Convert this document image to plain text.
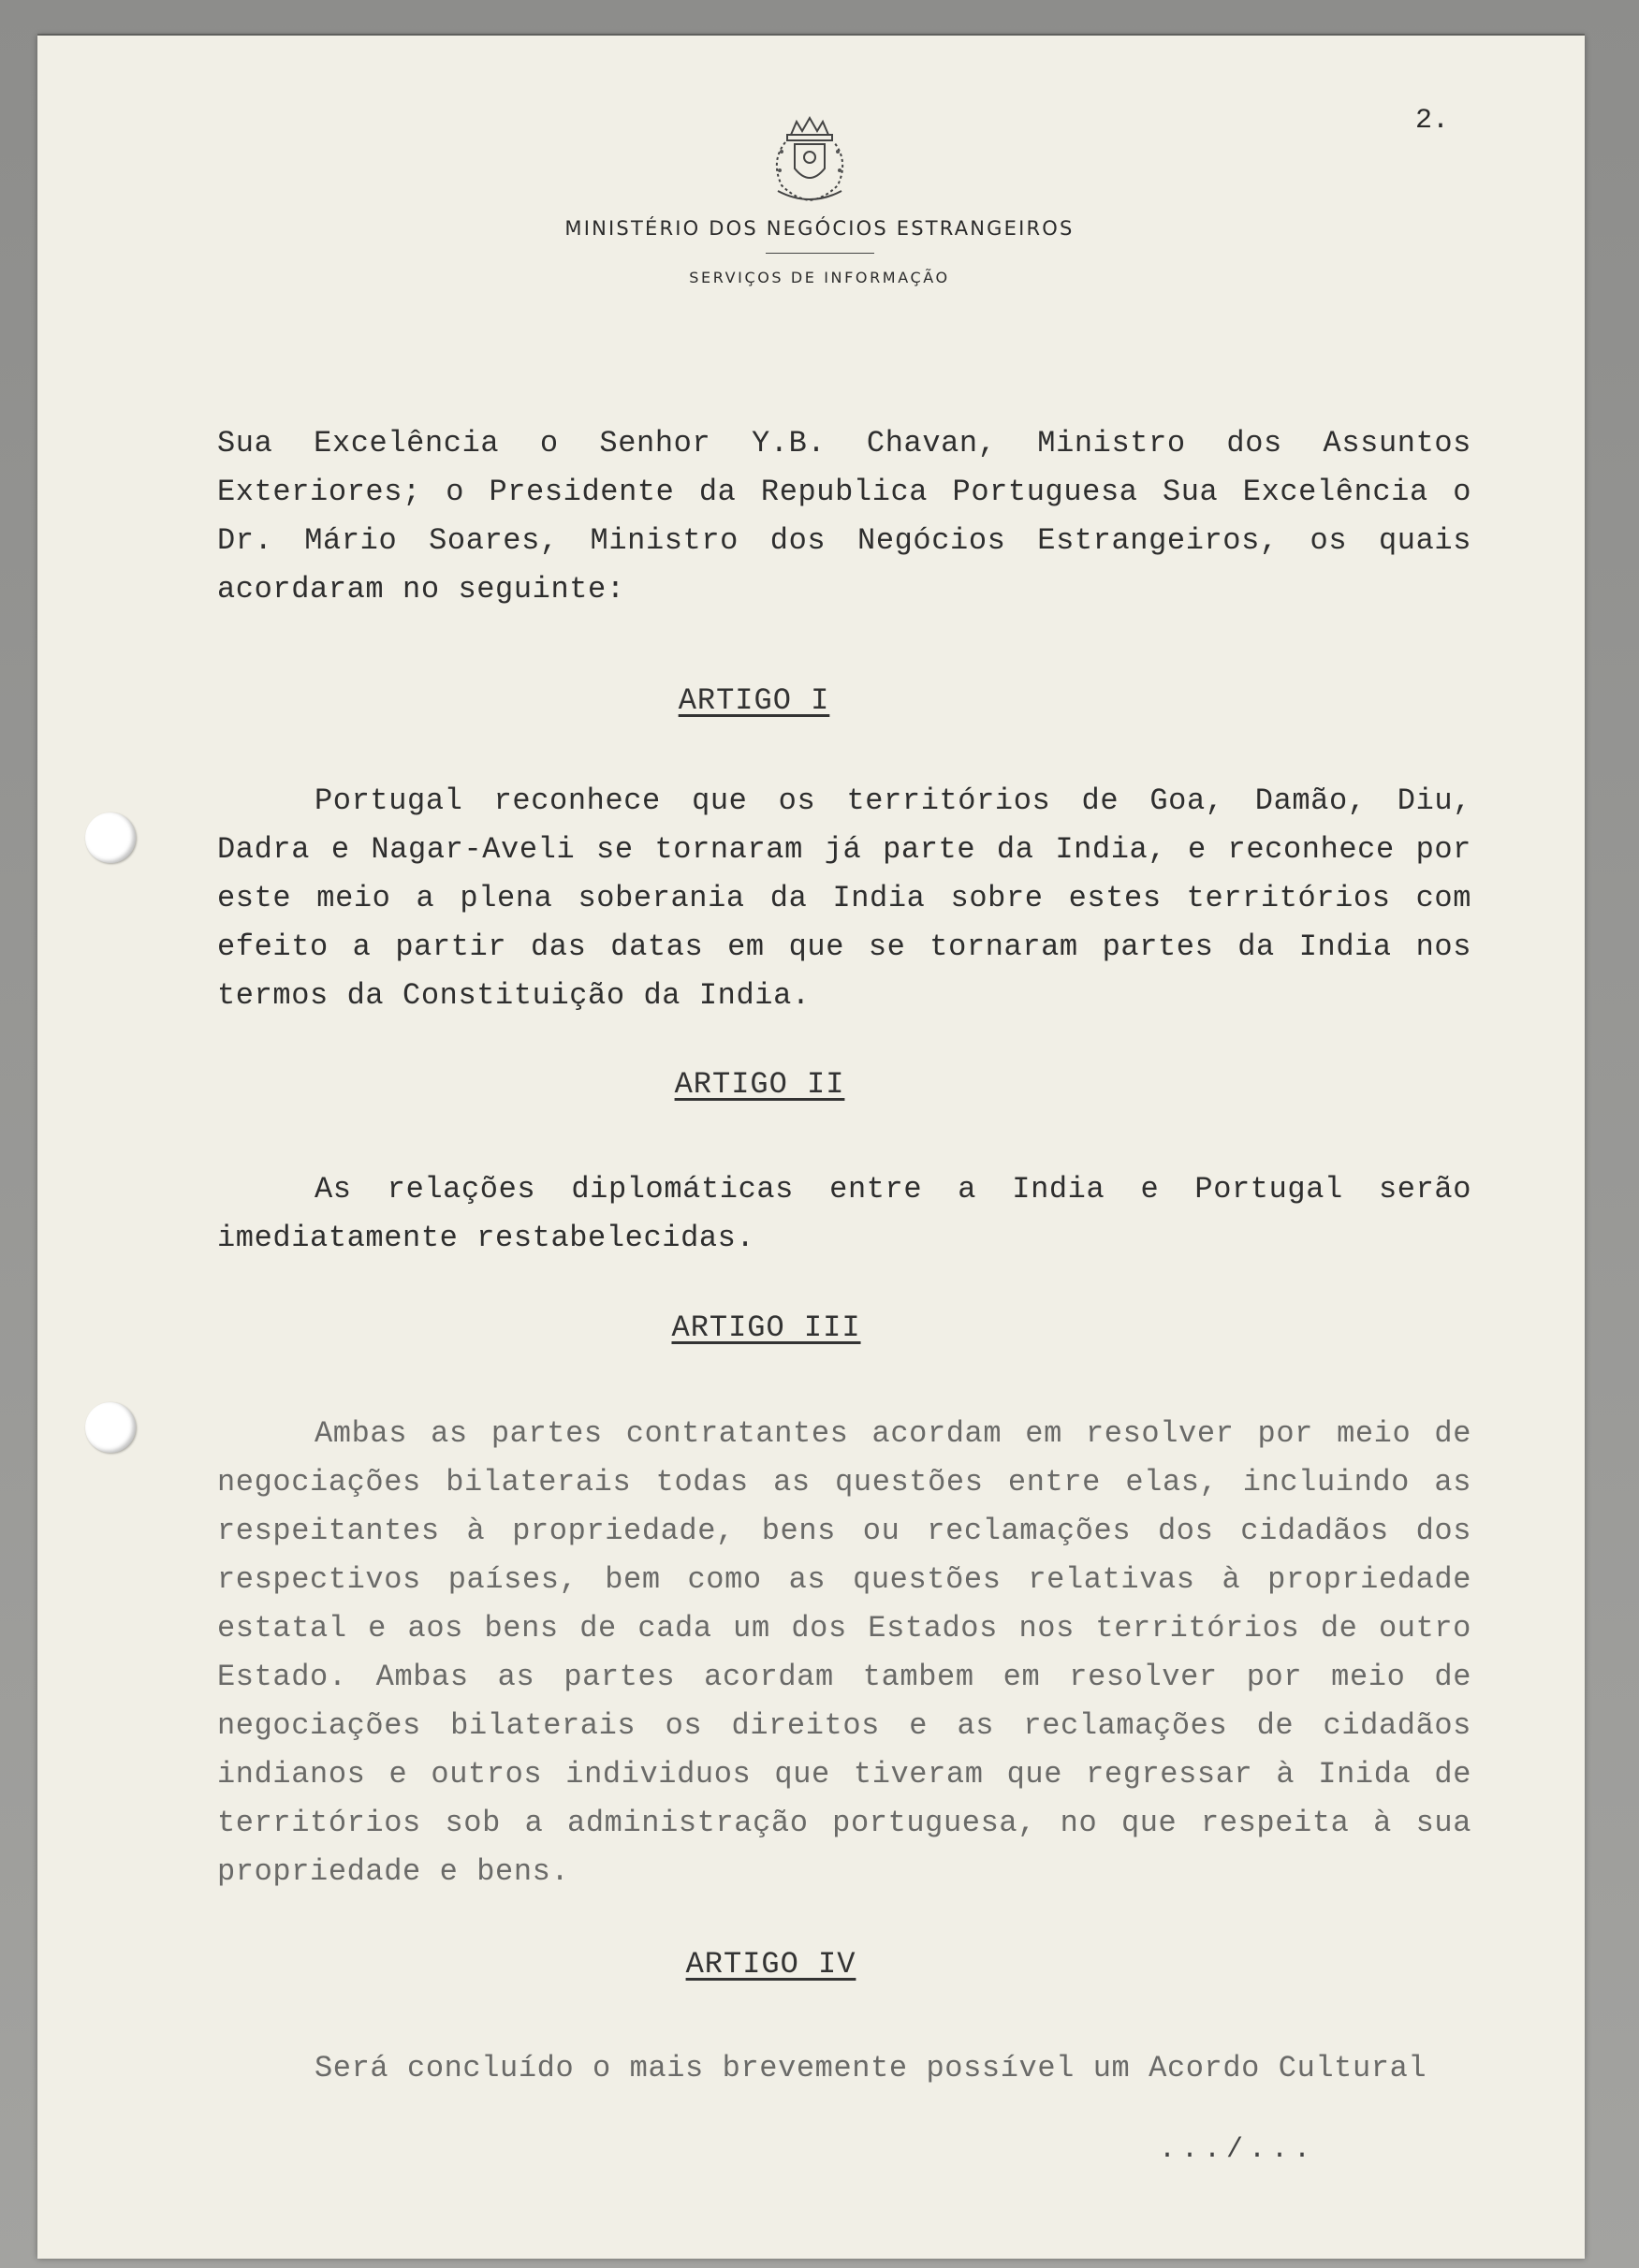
2.
MINISTÉRIO DOS NEGÓCIOS ESTRANGEIROS
SERVIÇOS DE INFORMAÇÃO
Sua Excelência o Senhor Y.B. Chavan, Ministro dos Assuntos Exteriores; o Presidente da Republica Portuguesa Sua Excelência o Dr. Mário Soares, Ministro dos Negócios Estrangeiros, os quais acordaram no seguinte:
ARTIGO I
Portugal reconhece que os territórios de Goa, Damão, Diu, Dadra e Nagar-Aveli se tornaram já parte da India, e reconhece por este meio a plena soberania da India sobre estes territórios com efeito a partir das datas em que se tornaram partes da India nos termos da Constituição da India.
ARTIGO II
As relações diplomáticas entre a India e Portugal serão imediatamente restabelecidas.
ARTIGO III
Ambas as partes contratantes acordam em resolver por meio de negociações bilaterais todas as questões entre elas, incluindo as respeitantes à propriedade, bens ou reclamações dos cidadãos dos respectivos países, bem como as questões relativas à propriedade estatal e aos bens de cada um dos Estados nos territórios de outro Estado. Ambas as partes acordam tambem em resolver por meio de negociações bilaterais os direitos e as reclamações de cidadãos indianos e outros individuos que tiveram que regressar à Inida de territórios sob a administração portuguesa, no que respeita à sua propriedade e bens.
ARTIGO IV
Será concluído o mais brevemente possível um Acordo Cultural
.../...
